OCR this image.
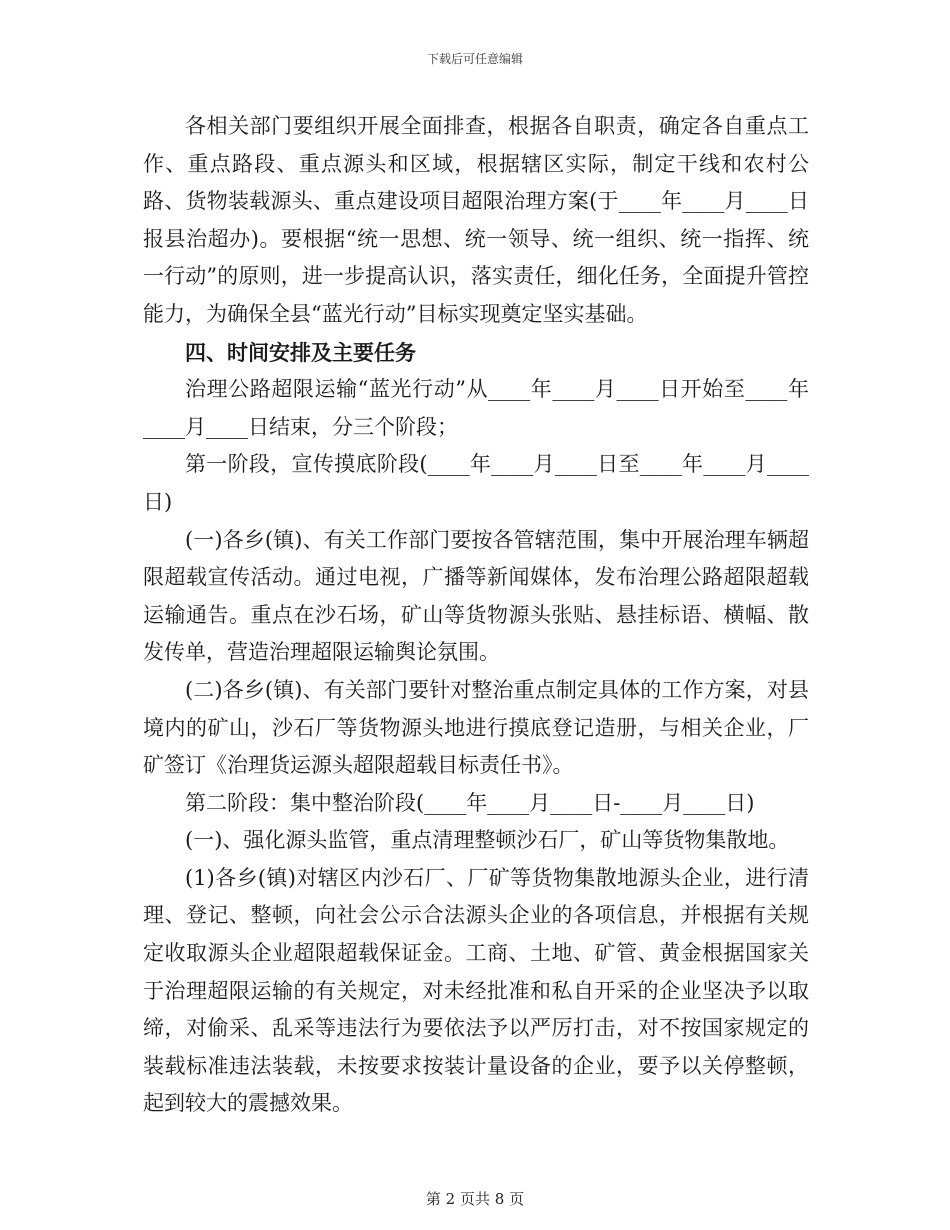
下载后可任意编辑

各相关部门要组织开展全面排查，根据各自职责，确定各自重点工作、重点路段、重点源头和区域，根据辖区实际，制定干线和农村公路、货物装载源头、重点建设项目超限治理方案(于____年____月____日报县治超办)。要根据“统一思想、统一领导、统一组织、统一指挥、统一行动”的原则，进一步提高认识，落实责任，细化任务，全面提升管控能力，为确保全县“蓝光行动”目标实现奠定坚实基础。

四、时间安排及主要任务

治理公路超限运输“蓝光行动”从____年____月____日开始至____年____月____日结束，分三个阶段；

第一阶段，宣传摸底阶段(____年____月____日至____年____月____日)

(一)各乡(镇)、有关工作部门要按各管辖范围，集中开展治理车辆超限超载宣传活动。通过电视，广播等新闻媒体，发布治理公路超限超载运输通告。重点在沙石场，矿山等货物源头张贴、悬挂标语、横幅、散发传单，营造治理超限运输舆论氛围。

(二)各乡(镇)、有关部门要针对整治重点制定具体的工作方案，对县境内的矿山，沙石厂等货物源头地进行摸底登记造册，与相关企业，厂矿签订《治理货运源头超限超载目标责任书》。

第二阶段：集中整治阶段(____年____月____日-____月____日)

(一)、强化源头监管，重点清理整顿沙石厂，矿山等货物集散地。

(1)各乡(镇)对辖区内沙石厂、厂矿等货物集散地源头企业，进行清理、登记、整顿，向社会公示合法源头企业的各项信息，并根据有关规定收取源头企业超限超载保证金。工商、土地、矿管、黄金根据国家关于治理超限运输的有关规定，对未经批准和私自开采的企业坚决予以取缔，对偷采、乱采等违法行为要依法予以严厉打击，对不按国家规定的装载标准违法装载，未按要求按装计量设备的企业，要予以关停整顿，起到较大的震撼效果。

第 2 页共 8 页
